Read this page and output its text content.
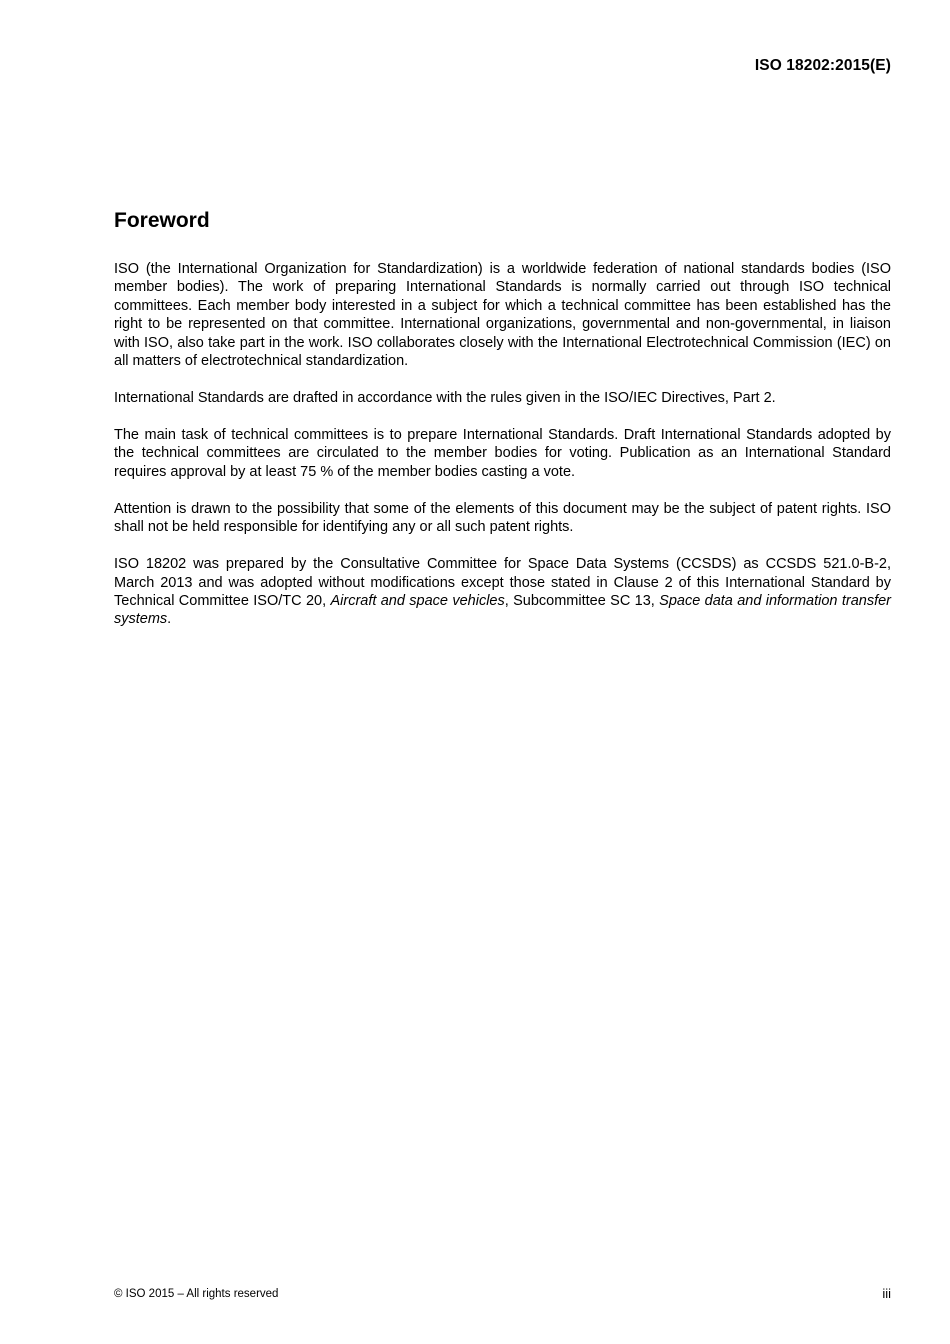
ISO 18202:2015(E)
Foreword

ISO (the International Organization for Standardization) is a worldwide federation of national standards bodies (ISO member bodies). The work of preparing International Standards is normally carried out through ISO technical committees. Each member body interested in a subject for which a technical committee has been established has the right to be represented on that committee. International organizations, governmental and non-governmental, in liaison with ISO, also take part in the work. ISO collaborates closely with the International Electrotechnical Commission (IEC) on all matters of electrotechnical standardization.

International Standards are drafted in accordance with the rules given in the ISO/IEC Directives, Part 2.

The main task of technical committees is to prepare International Standards. Draft International Standards adopted by the technical committees are circulated to the member bodies for voting. Publication as an International Standard requires approval by at least 75 % of the member bodies casting a vote.

Attention is drawn to the possibility that some of the elements of this document may be the subject of patent rights. ISO shall not be held responsible for identifying any or all such patent rights.

ISO 18202 was prepared by the Consultative Committee for Space Data Systems (CCSDS) as CCSDS 521.0-B-2, March 2013 and was adopted without modifications except those stated in Clause 2 of this International Standard by Technical Committee ISO/TC 20, Aircraft and space vehicles, Subcommittee SC 13, Space data and information transfer systems.

© ISO 2015 – All rights reserved	iii
